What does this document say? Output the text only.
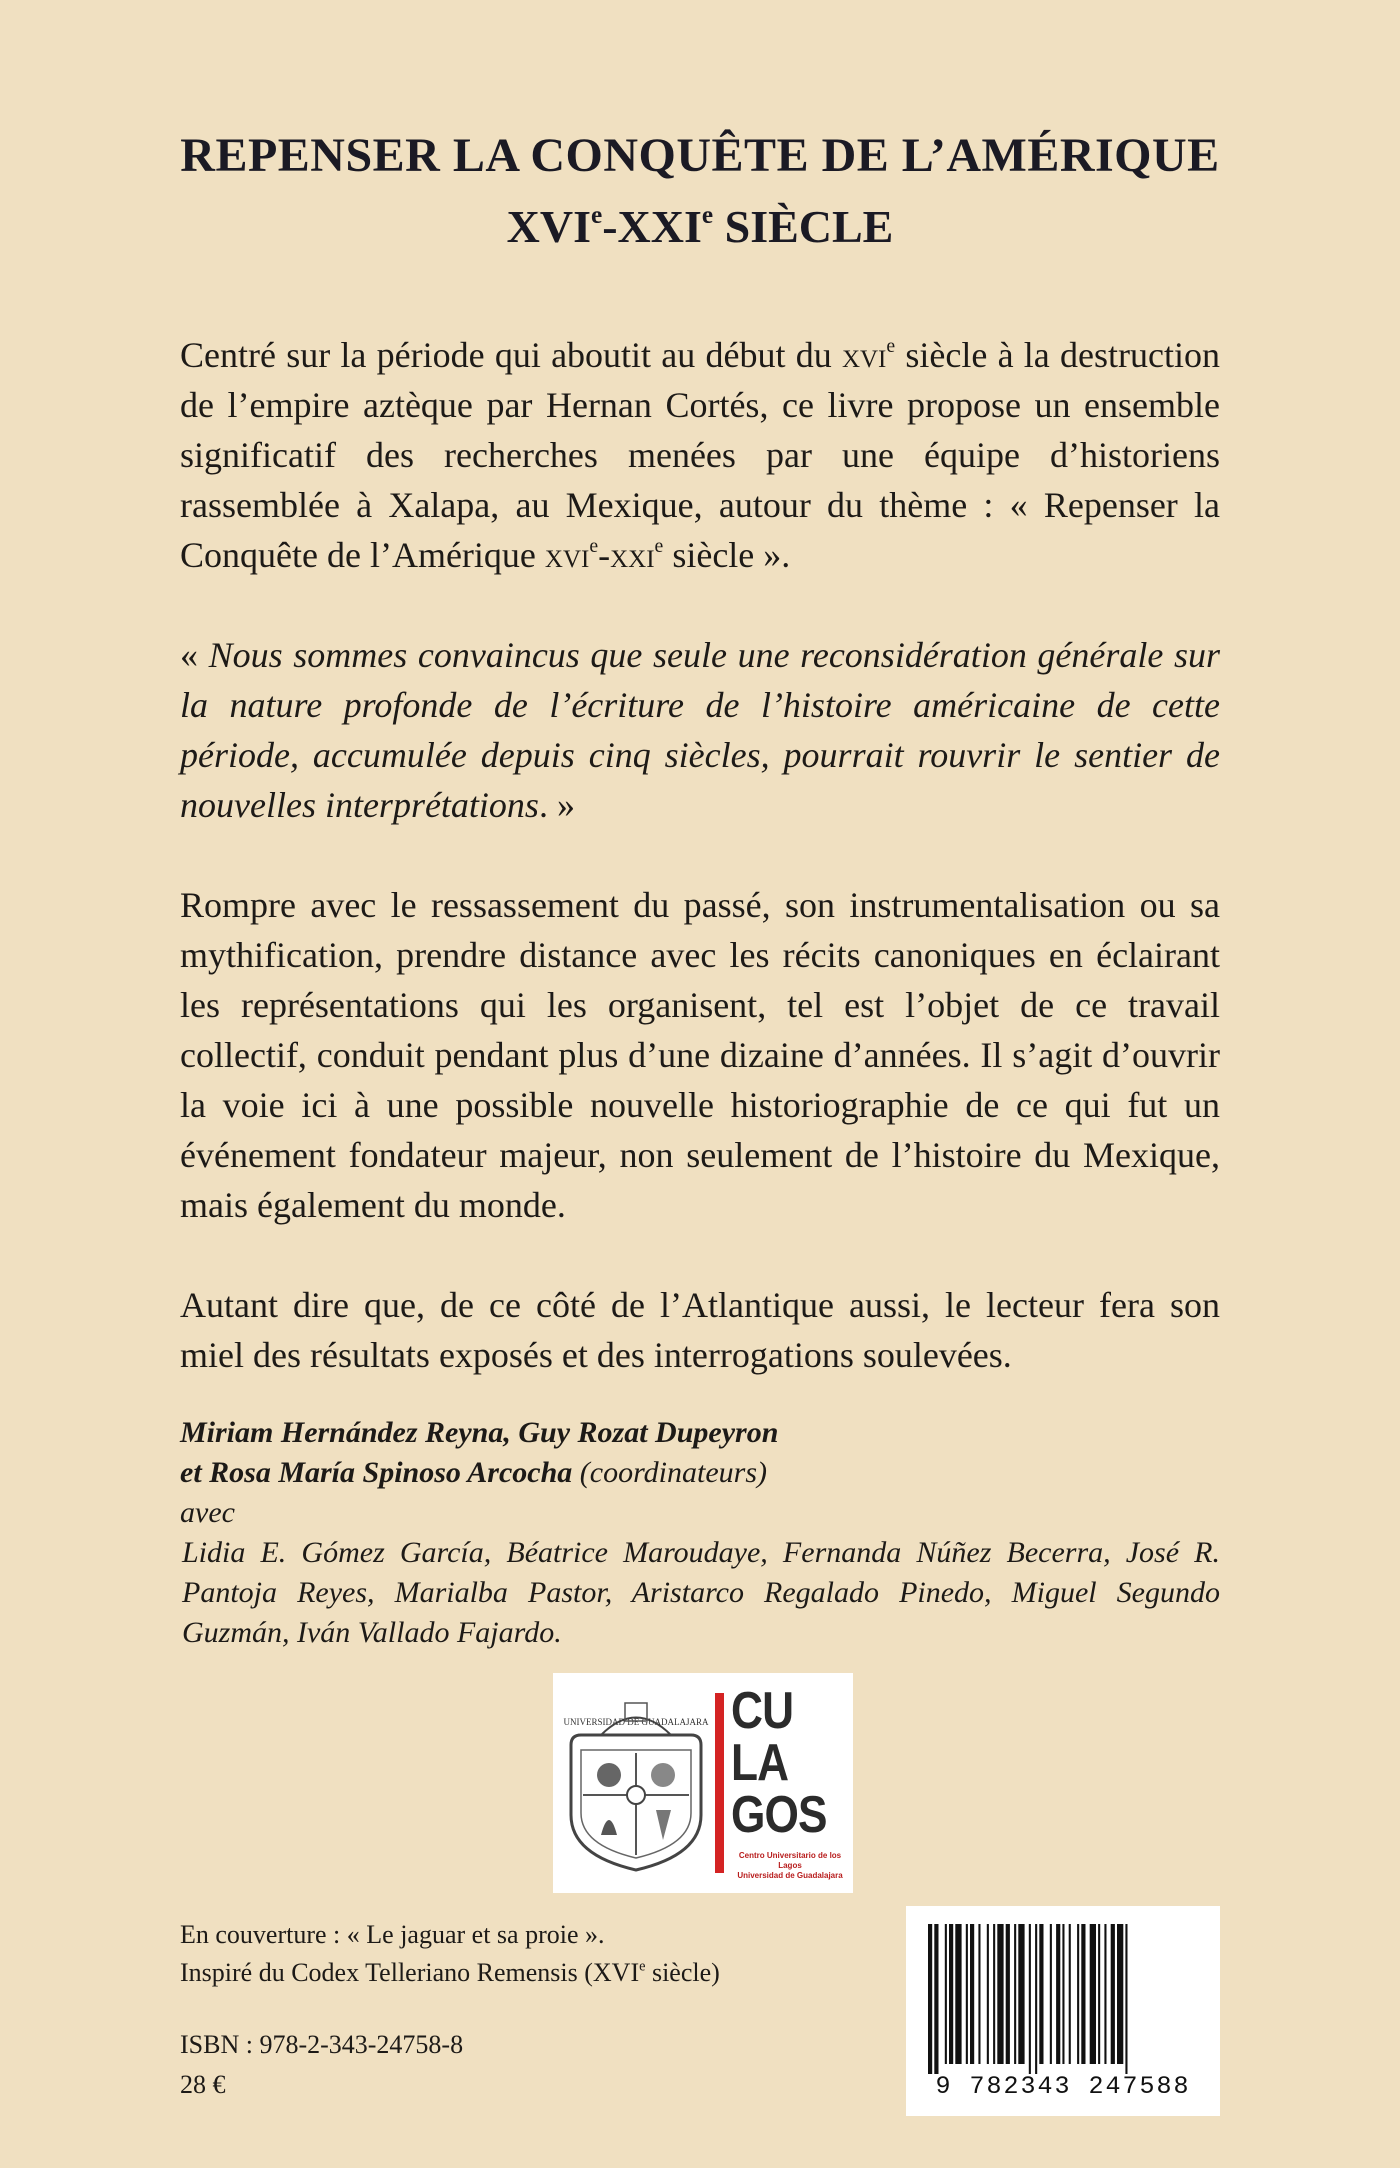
REPENSER LA CONQUÊTE DE L’AMÉRIQUE
XVIe-XXIe SIÈCLE

Centré sur la période qui aboutit au début du xvi$^e$ siècle à la destruction de l’empire aztèque par Hernan Cortés, ce livre propose un ensemble significatif des recherches menées par une équipe d’historiens rassemblée à Xalapa, au Mexique, autour du thème : « Repenser la Conquête de l’Amérique xvi$^e$-xxi$^e$ siècle ».

« Nous sommes convaincus que seule une reconsidération générale sur la nature profonde de l’écriture de l’histoire américaine de cette période, accumulée depuis cinq siècles, pourrait rouvrir le sentier de nouvelles interprétations. »

Rompre avec le ressassement du passé, son instrumentalisation ou sa mythification, prendre distance avec les récits canoniques en éclairant les représentations qui les organisent, tel est l’objet de ce travail collectif, conduit pendant plus d’une dizaine d’années. Il s’agit d’ouvrir la voie ici à une possible nouvelle historiographie de ce qui fut un événement fondateur majeur, non seulement de l’histoire du Mexique, mais également du monde.

Autant dire que, de ce côté de l’Atlantique aussi, le lecteur fera son miel des résultats exposés et des interrogations soulevées.

Miriam Hernández Reyna, Guy Rozat Dupeyron
et Rosa María Spinoso Arcocha (coordinateurs)
avec
Lidia E. Gómez García, Béatrice Maroudaye, Fernanda Núñez Becerra, José R. Pantoja Reyes, Marialba Pastor, Aristarco Regalado Pinedo, Miguel Segundo Guzmán, Iván Vallado Fajardo.
UNIVERSIDAD DE GUADALAJARA CU
LA
GOS
Centro Universitario de los Lagos
Universidad de Guadalajara
En couverture : « Le jaguar et sa proie ».
Inspiré du Codex Telleriano Remensis (XVIe siècle)

ISBN : 978-2-343-24758-8

28 €	9 782343 247588
